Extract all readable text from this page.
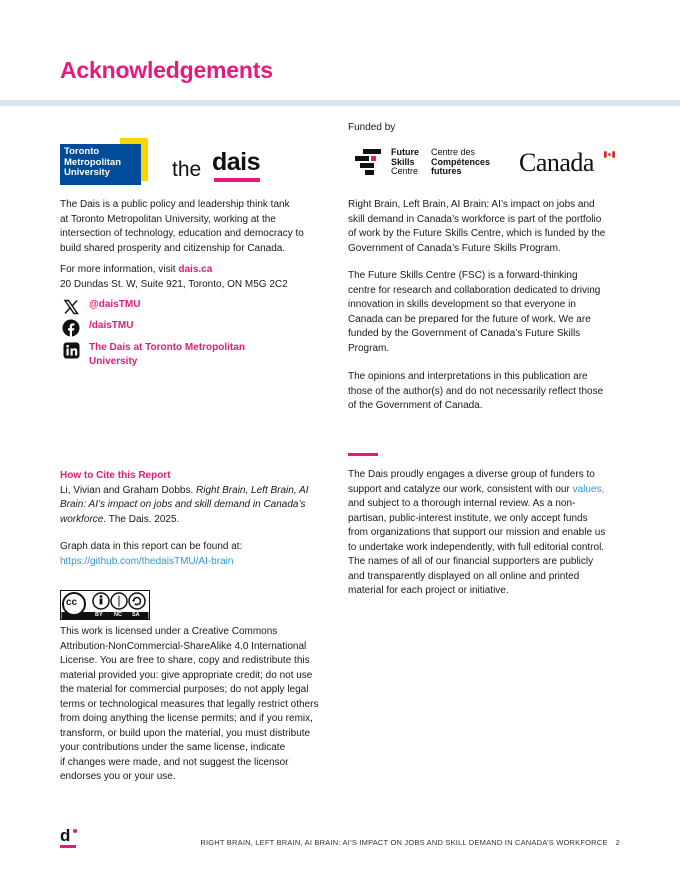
Acknowledgements
Toronto
Metropolitan
University	the dais
The Dais is a public policy and leadership think tank
at Toronto Metropolitan University, working at the
intersection of technology, education and democracy to
build shared prosperity and citizenship for Canada.
For more information, visit dais.ca
20 Dundas St. W, Suite 921, Toronto, ON M5G 2C2
@daisTMU
/daisTMU
The Dais at Toronto Metropolitan
University
How to Cite this Report
Li, Vivian and Graham Dobbs. Right Brain, Left Brain, AI
Brain: AI’s impact on jobs and skill demand in Canada’s
workforce. The Dais. 2025.
Graph data in this report can be found at:
https://github.com/thedaisTMU/AI-brain
cc
BY NC SA
This work is licensed under a Creative Commons
Attribution-NonCommercial-ShareAlike 4.0 International
License. You are free to share, copy and redistribute this
material provided you: give appropriate credit; do not use
the material for commercial purposes; do not apply legal
terms or technological measures that legally restrict others
from doing anything the license permits; and if you remix,
transform, or build upon the material, you must distribute
your contributions under the same license, indicate
if changes were made, and not suggest the licensor
endorses you or your use.
Funded by
Future
Skills
Centre
Centre des
Compétences
futures	Canada
Right Brain, Left Brain, AI Brain: AI’s impact on jobs and
skill demand in Canada’s workforce is part of the portfolio
of work by the Future Skills Centre, which is funded by the
Government of Canada’s Future Skills Program.
The Future Skills Centre (FSC) is a forward-thinking
centre for research and collaboration dedicated to driving
innovation in skills development so that everyone in
Canada can be prepared for the future of work. We are
funded by the Government of Canada’s Future Skills
Program.
The opinions and interpretations in this publication are
those of the author(s) and do not necessarily reflect those
of the Government of Canada.
The Dais proudly engages a diverse group of funders to
support and catalyze our work, consistent with our values,
and subject to a thorough internal review. As a non-
partisan, public-interest institute, we only accept funds
from organizations that support our mission and enable us
to undertake work independently, with full editorial control.
The names of all of our financial supporters are publicly
and transparently displayed on all online and printed
material for each project or initiative.
d	RIGHT BRAIN, LEFT BRAIN, AI BRAIN: AI’S IMPACT ON JOBS AND SKILL DEMAND IN CANADA’S WORKFORCE 2
